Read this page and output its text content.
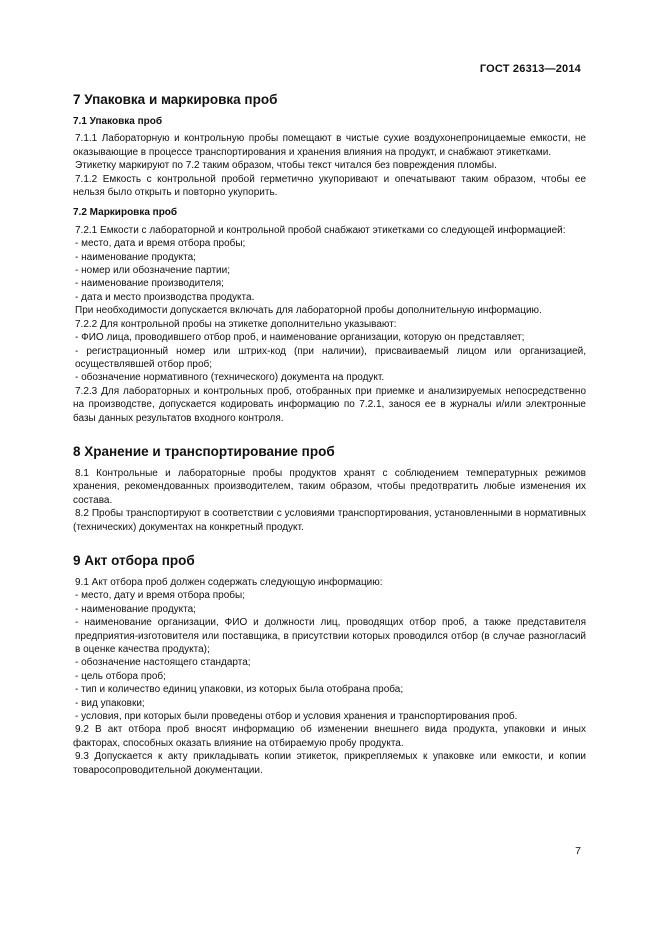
ГОСТ 26313—2014
7 Упаковка и маркировка проб
7.1 Упаковка проб

7.1.1 Лабораторную и контрольную пробы помещают в чистые сухие воздухонепроницаемые емкости, не оказывающие в процессе транспортирования и хранения влияния на продукт, и снабжают этикетками.

Этикетку маркируют по 7.2 таким образом, чтобы текст читался без повреждения пломбы.

7.1.2 Емкость с контрольной пробой герметично укупоривают и опечатывают таким образом, чтобы ее нельзя было открыть и повторно укупорить.

7.2 Маркировка проб

7.2.1 Емкости с лабораторной и контрольной пробой снабжают этикетками со следующей информацией:

- место, дата и время отбора пробы;
- наименование продукта;
- номер или обозначение партии;
- наименование производителя;
- дата и место производства продукта.

При необходимости допускается включать для лабораторной пробы дополнительную информацию.

7.2.2 Для контрольной пробы на этикетке дополнительно указывают:

- ФИО лица, проводившего отбор проб, и наименование организации, которую он представляет;
- регистрационный номер или штрих-код (при наличии), присваиваемый лицом или организацией, осуществлявшей отбор проб;
- обозначение нормативного (технического) документа на продукт.

7.2.3 Для лабораторных и контрольных проб, отобранных при приемке и анализируемых непосредственно на производстве, допускается кодировать информацию по 7.2.1, занося ее в журналы и/или электронные базы данных результатов входного контроля.

8 Хранение и транспортирование проб

8.1 Контрольные и лабораторные пробы продуктов хранят с соблюдением температурных режимов хранения, рекомендованных производителем, таким образом, чтобы предотвратить любые изменения их состава.

8.2 Пробы транспортируют в соответствии с условиями транспортирования, установленными в нормативных (технических) документах на конкретный продукт.

9 Акт отбора проб

9.1 Акт отбора проб должен содержать следующую информацию:

- место, дату и время отбора пробы;
- наименование продукта;
- наименование организации, ФИО и должности лиц, проводящих отбор проб, а также представителя предприятия-изготовителя или поставщика, в присутствии которых проводился отбор (в случае разногласий в оценке качества продукта);
- обозначение настоящего стандарта;
- цель отбора проб;
- тип и количество единиц упаковки, из которых была отобрана проба;
- вид упаковки;
- условия, при которых были проведены отбор и условия хранения и транспортирования проб.

9.2 В акт отбора проб вносят информацию об изменении внешнего вида продукта, упаковки и иных факторах, способных оказать влияние на отбираемую пробу продукта.

9.3 Допускается к акту прикладывать копии этикеток, прикрепляемых к упаковке или емкости, и копии товаросопроводительной документации.

7
